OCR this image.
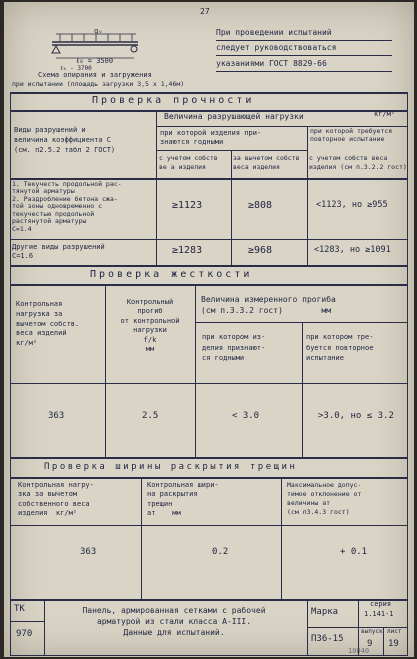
27
qᵥ
ℓ₀ = 3500
ℓ₀ - 3700
Схема опирания и загружения
при испытании (площадь загрузки 3,5 x 1,46м)
При проведении испытаний
следует руководствоваться
указаниями ГОСТ 8829-66
Проверка прочности
Виды разрушений и
величина коэффициента C
(см. п2.5.2 табл 2 ГОСТ)
Величина разрушающей нагрузки	кг/м²
при которой изделия при-
знаются годными
при которой требуется
повторное испытание
с учетом собств
ве а изделия
за вычетом собств
веса изделия
с учетом собств веса
изделия (см п.3.2.2 гост)
1. Текучесть продольной рас-
тянутой арматуры
2. Раздробление бетона сжа-
той зоны одновременно с
текучестью продольной
растянутой арматуры
C=1.4
≥1123	≥808	<1123, но ≥955
Другие виды разрушений
C=1.6
≥1283	≥968	<1283, но ≥1091
Проверка жесткости
Контрольная
нагрузка за
вычетом собств.
веса изделий
кг/м²
Контрольный
прогиб
от контрольной
нагрузки
f/k
мм
Величина измеренного прогиба
(см п.3.3.2 гост)        мм
при котором из-
делия признают-
ся годными
при котором тре-
буется повторное
испытание
363	2.5	< 3.0	>3.0, но ≤ 3.2
Проверка ширины раскрытия трещин
Контрольная нагру-
зка за вычетом
собственного веса
изделия  кг/м²
Контрольная шири-
на раскрытия
трещин
aт    мм
Максимальное допус-
тимое отклонение от
величины aт
(см п3.4.3 гост)
363	0.2	+ 0.1
ТК
970
Панель, армированная сетками с рабочей
арматурой из стали класса А-III.
Данные для испытаний.
Марка
П36-15
серия
1.141-1
выпуск
9
лист
19
10040
